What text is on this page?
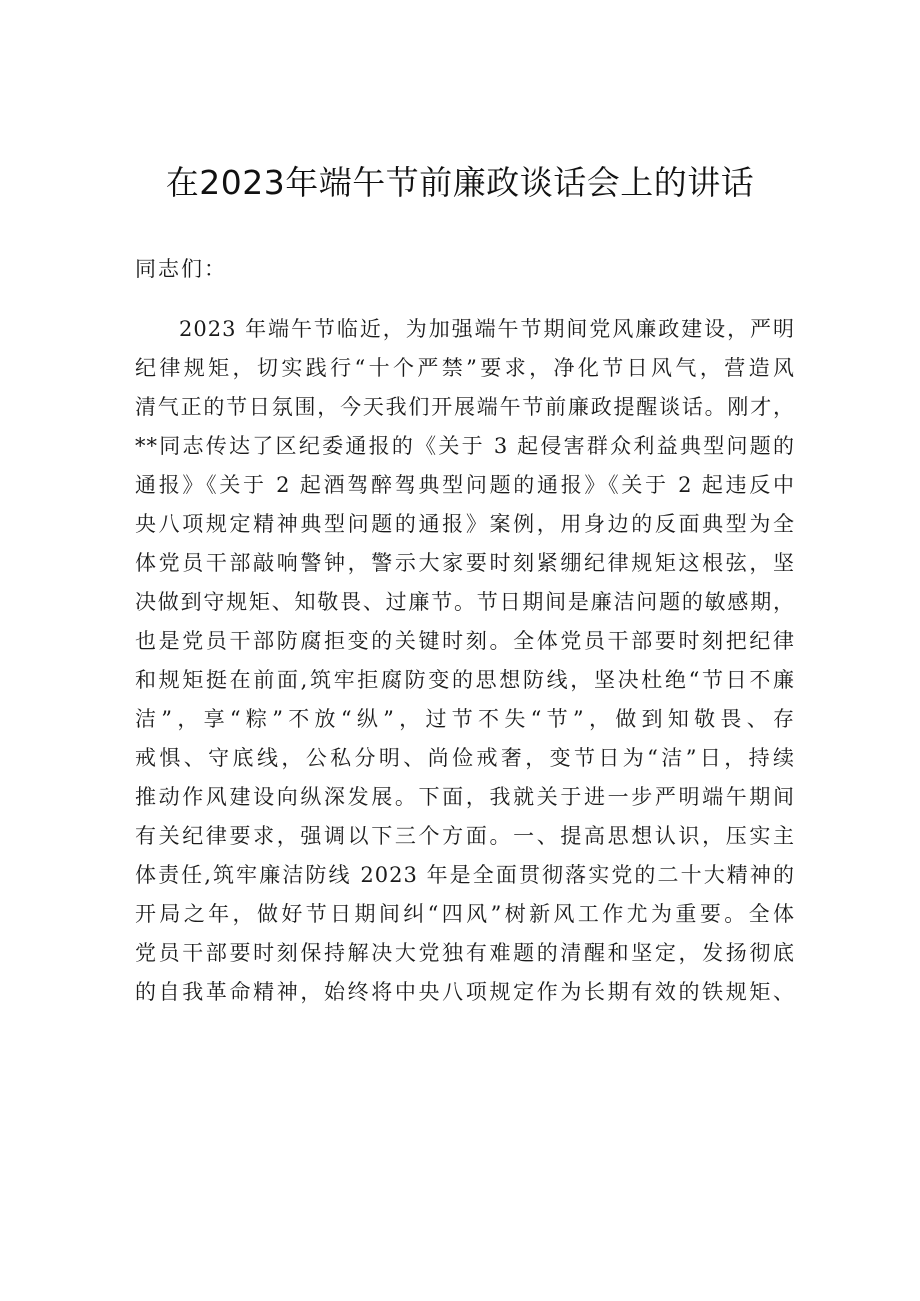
在2023年端午节前廉政谈话会上的讲话
同志们：
2023 年端午节临近，为加强端午节期间党风廉政建设，严明
纪律规矩，切实践行“十个严禁”要求，净化节日风气，营造风
清气正的节日氛围，今天我们开展端午节前廉政提醒谈话。刚才，
**同志传达了区纪委通报的《关于 3 起侵害群众利益典型问题的
通报》《关于 2 起酒驾醉驾典型问题的通报》《关于 2 起违反中
央八项规定精神典型问题的通报》案例，用身边的反面典型为全
体党员干部敲响警钟，警示大家要时刻紧绷纪律规矩这根弦，坚
决做到守规矩、知敬畏、过廉节。节日期间是廉洁问题的敏感期，
也是党员干部防腐拒变的关键时刻。全体党员干部要时刻把纪律
和规矩挺在前面,筑牢拒腐防变的思想防线，坚决杜绝“节日不廉
洁”，享“粽”不放“纵”，过节不失“节”，做到知敬畏、存
戒惧、守底线，公私分明、尚俭戒奢，变节日为“洁”日，持续
推动作风建设向纵深发展。下面，我就关于进一步严明端午期间
有关纪律要求，强调以下三个方面。一、提高思想认识，压实主
体责任,筑牢廉洁防线 2023 年是全面贯彻落实党的二十大精神的
开局之年，做好节日期间纠“四风”树新风工作尤为重要。全体
党员干部要时刻保持解决大党独有难题的清醒和坚定，发扬彻底
的自我革命精神，始终将中央八项规定作为长期有效的铁规矩、
